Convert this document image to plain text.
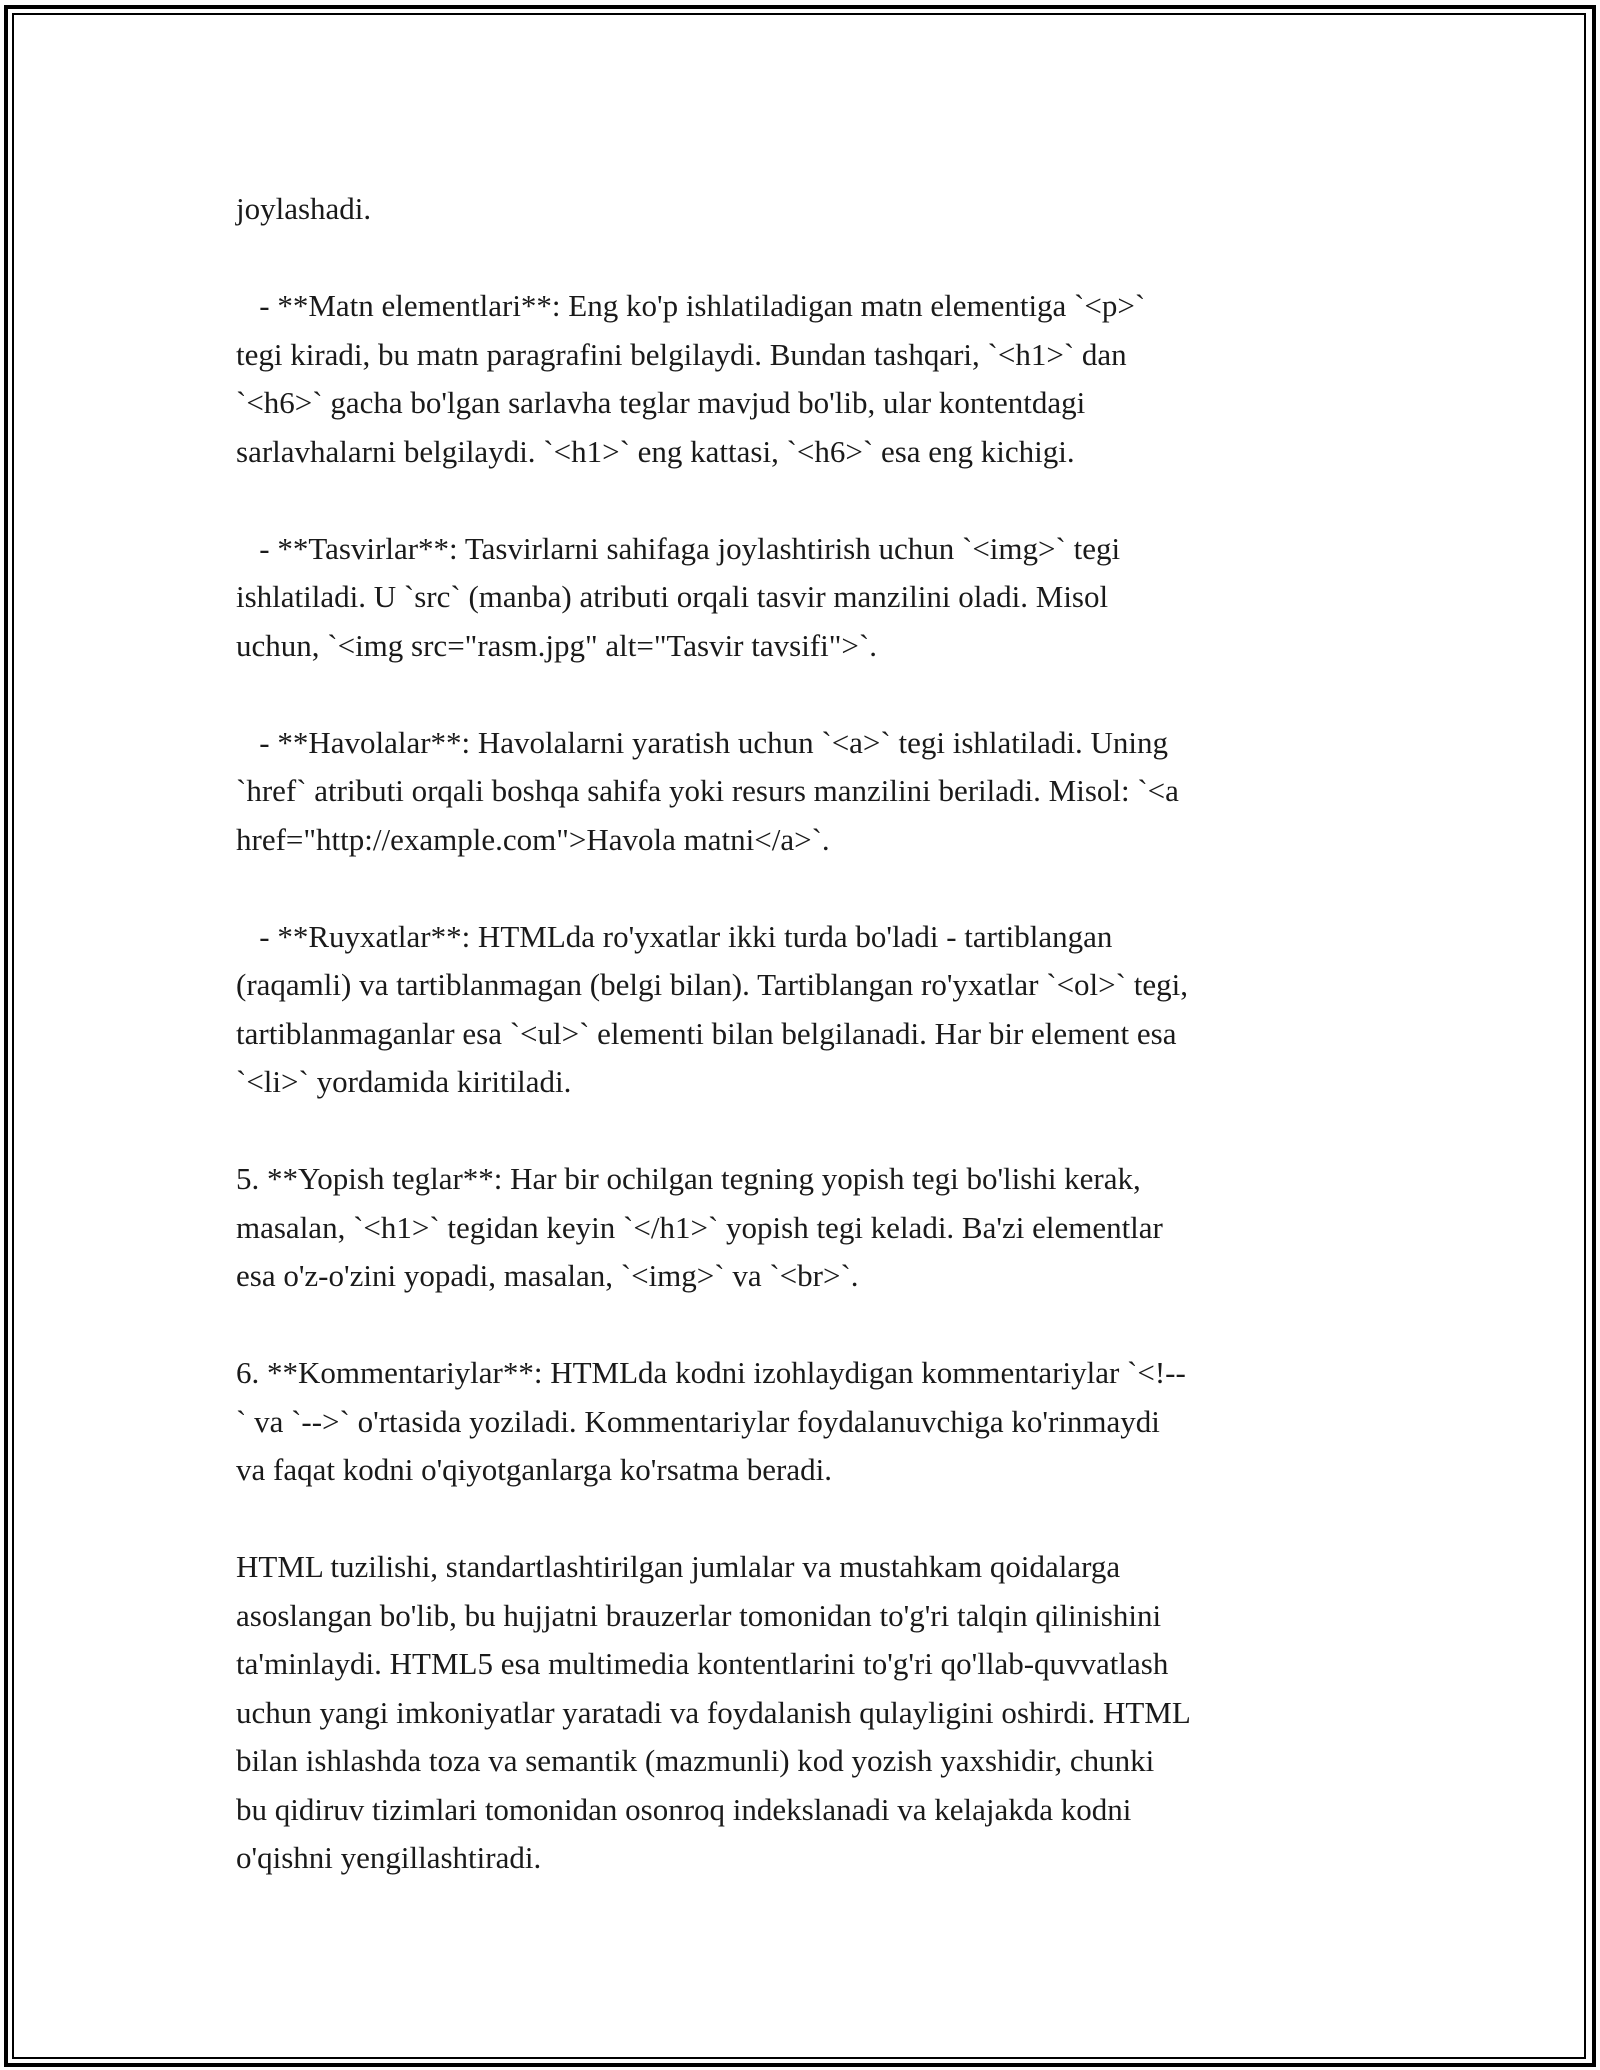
joylashadi.
- **Matn elementlari**: Eng ko'p ishlatiladigan matn elementiga `<p>`
tegi kiradi, bu matn paragrafini belgilaydi. Bundan tashqari, `<h1>` dan
`<h6>` gacha bo'lgan sarlavha teglar mavjud bo'lib, ular kontentdagi
sarlavhalarni belgilaydi. `<h1>` eng kattasi, `<h6>` esa eng kichigi.
- **Tasvirlar**: Tasvirlarni sahifaga joylashtirish uchun `<img>` tegi
ishlatiladi. U `src` (manba) atributi orqali tasvir manzilini oladi. Misol
uchun, `<img src="rasm.jpg" alt="Tasvir tavsifi">`.
- **Havolalar**: Havolalarni yaratish uchun `<a>` tegi ishlatiladi. Uning
`href` atributi orqali boshqa sahifa yoki resurs manzilini beriladi. Misol: `<a
href="http://example.com">Havola matni</a>`.
- **Ruyxatlar**: HTMLda ro'yxatlar ikki turda bo'ladi - tartiblangan
(raqamli) va tartiblanmagan (belgi bilan). Tartiblangan ro'yxatlar `<ol>` tegi,
tartiblanmaganlar esa `<ul>` elementi bilan belgilanadi. Har bir element esa
`<li>` yordamida kiritiladi.
5. **Yopish teglar**: Har bir ochilgan tegning yopish tegi bo'lishi kerak,
masalan, `<h1>` tegidan keyin `</h1>` yopish tegi keladi. Ba'zi elementlar
esa o'z-o'zini yopadi, masalan, `<img>` va `<br>`.
6. **Kommentariylar**: HTMLda kodni izohlaydigan kommentariylar `<!--
` va `-->` o'rtasida yoziladi. Kommentariylar foydalanuvchiga ko'rinmaydi
va faqat kodni o'qiyotganlarga ko'rsatma beradi.
HTML tuzilishi, standartlashtirilgan jumlalar va mustahkam qoidalarga
asoslangan bo'lib, bu hujjatni brauzerlar tomonidan to'g'ri talqin qilinishini
ta'minlaydi. HTML5 esa multimedia kontentlarini to'g'ri qo'llab-quvvatlash
uchun yangi imkoniyatlar yaratadi va foydalanish qulayligini oshirdi. HTML
bilan ishlashda toza va semantik (mazmunli) kod yozish yaxshidir, chunki
bu qidiruv tizimlari tomonidan osonroq indekslanadi va kelajakda kodni
o'qishni yengillashtiradi.
